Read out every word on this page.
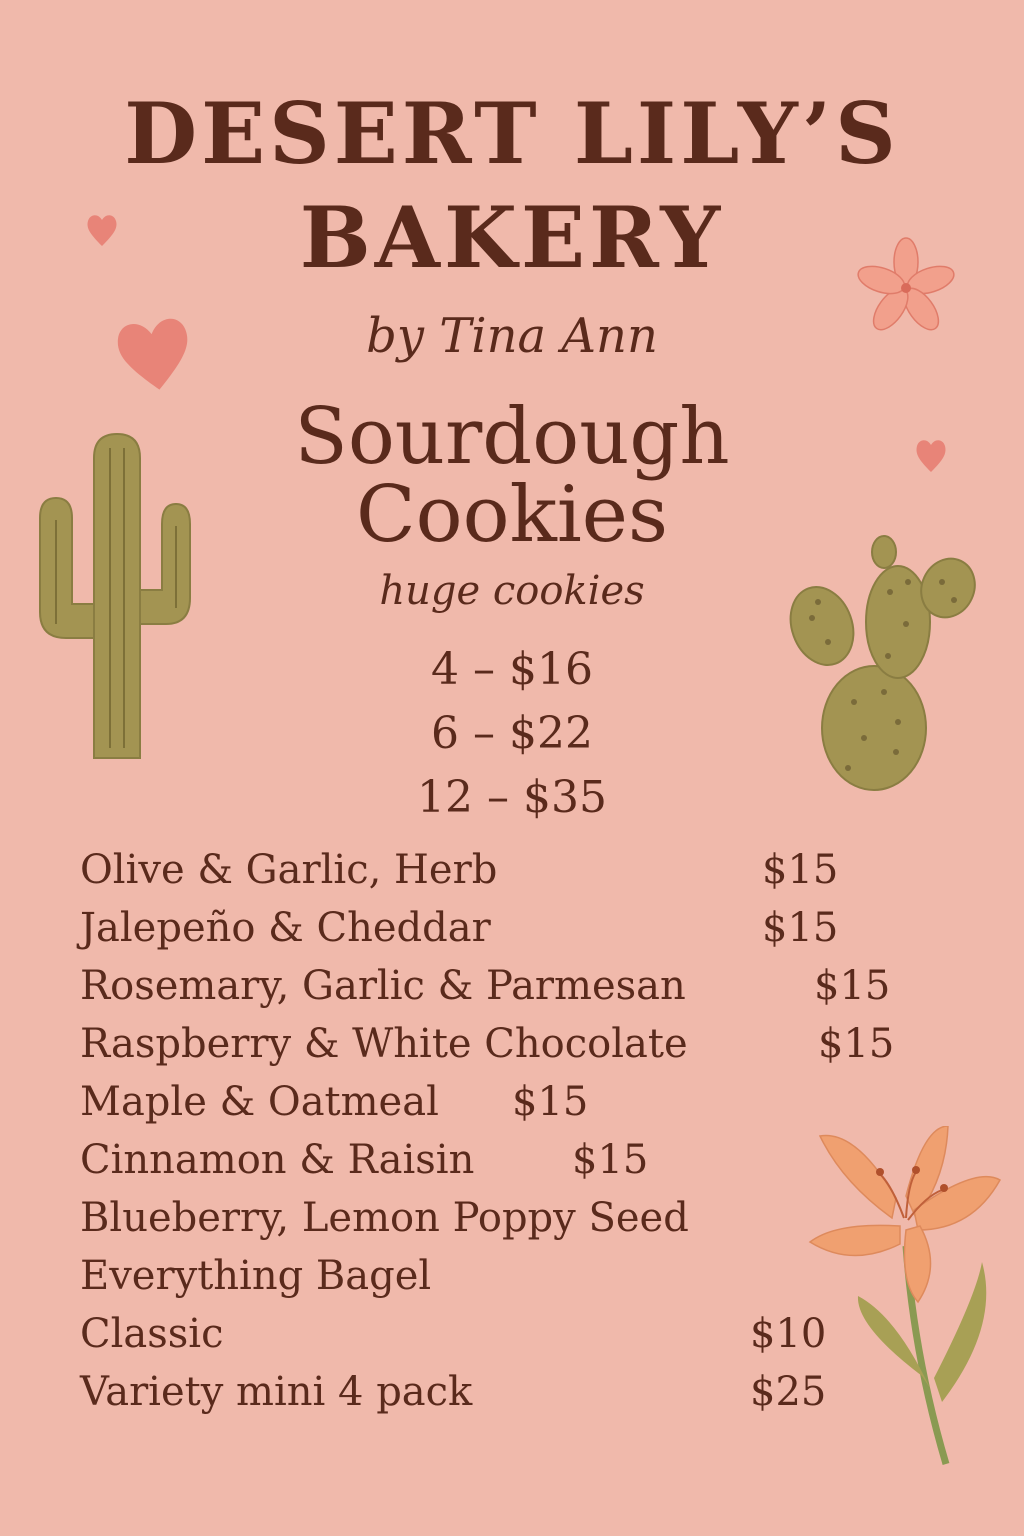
DESERT LILY’S
BAKERY
by Tina Ann
Sourdough
Cookies
huge cookies
4 – $16
6 – $22
12 – $35
Olive & Garlic, Herb	$15
Jalepeño & Cheddar	$15
Rosemary, Garlic & Parmesan	$15
Raspberry & White Chocolate	$15
Maple & Oatmeal $15
Cinnamon & Raisin $15
Blueberry, Lemon Poppy Seed
Everything Bagel
Classic	$10
Variety mini 4 pack	$25
